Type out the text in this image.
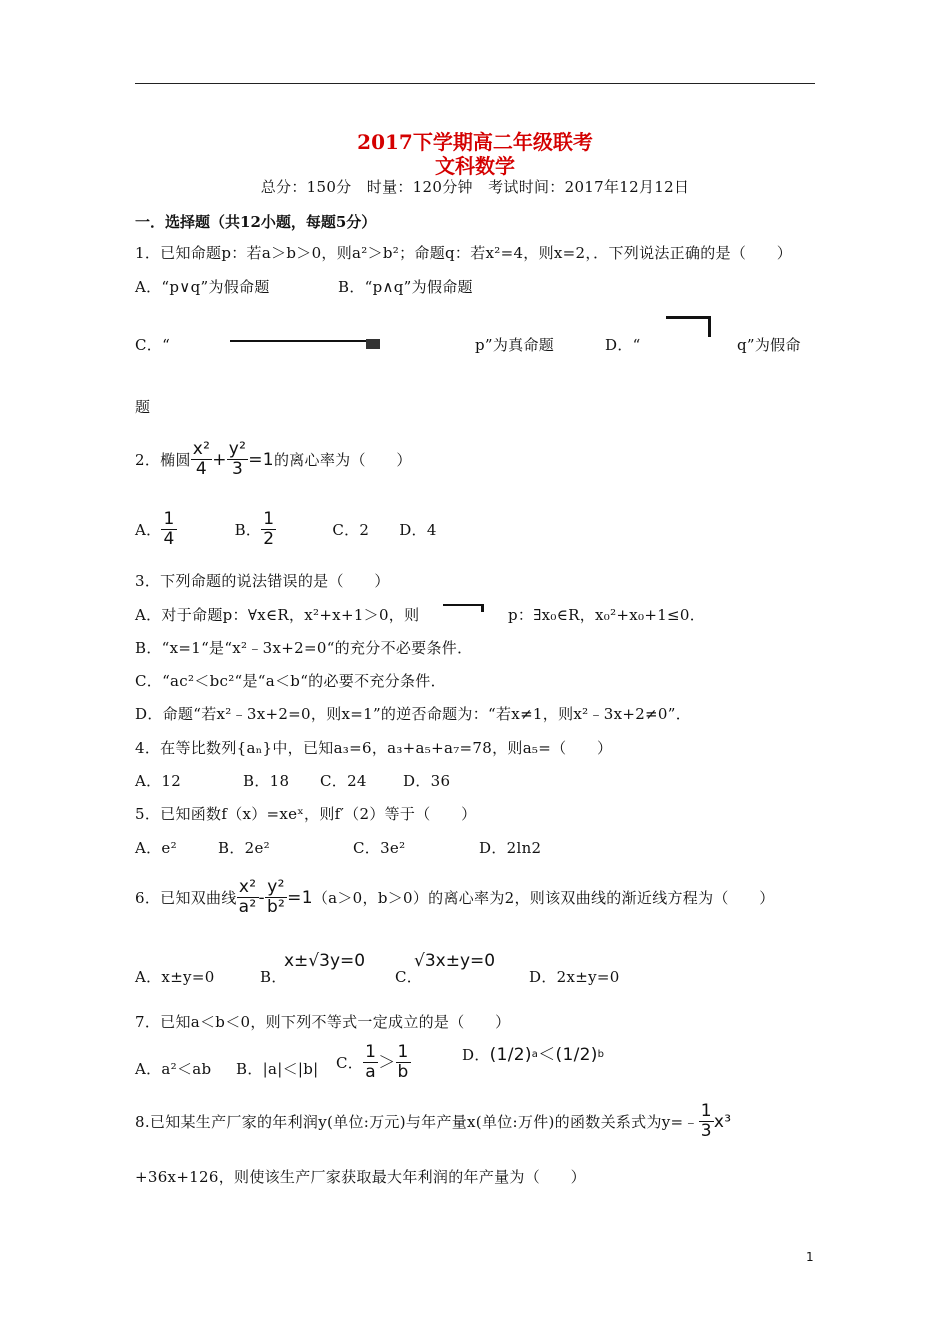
2017下学期高二年级联考
文科数学
总分：150分　时量：120分钟　考试时间：2017年12月12日
一．选择题（共12小题，每题5分）
1．已知命题p：若a＞b＞0，则a²＞b²；命题q：若x²=4，则x=2，．下列说法正确的是（　　）
A．“p∨q”为假命题	B．“p∧q”为假命题
C．“	p”为真命题	D．“	q”为假命
题
2．椭圆 $\frac{\text{x²}}{4} + \frac{\text{y²}}{3} =1$ 的离心率为（　　）
A． $\frac{1}{4}$	B． $\frac{1}{2}$	C．2 D．4
3．下列命题的说法错误的是（　　）
A．对于命题p：∀x∈R，x²+x+1＞0，则	p：∃x₀∈R，x₀²+x₀+1≤0．
B．“x=1“是“x²﹣3x+2=0“的充分不必要条件．
C．“ac²＜bc²“是“a＜b“的必要不充分条件．
D．命题“若x²﹣3x+2=0，则x=1”的逆否命题为：“若x≠1，则x²﹣3x+2≠0”．
4．在等比数列{aₙ}中，已知a₃=6，a₃+a₅+a₇=78，则a₅=（　　）
A．12	B．18 C．24 D．36
5．已知函数f（x）=xeˣ，则f′（2）等于（　　）
A．e²	B．2e²	C．3e²	D．2ln2
6．已知双曲线 $\frac{\text{x²}}{\text{a²}} - \frac{\text{y²}}{\text{b²}} =1$ （a＞0，b＞0）的离心率为2，则该双曲线的渐近线方程为（　　）
A．x±y=0	B．
x±√3y=0
C．
√3x±y=0
D．2x±y=0
7．已知a＜b＜0，则下列不等式一定成立的是（　　）
A．a²＜ab B．|a|＜|b| C． $\frac{1}{a} > \frac{1}{b}$	D． (1/2) a ＜ (1/2) b
8.已知某生产厂家的年利润y(单位:万元)与年产量x(单位:万件)的函数关系式为y=﹣ $\frac{1}{3} x^3$
+36x+126，则使该生产厂家获取最大年利润的年产量为（　　）
1
